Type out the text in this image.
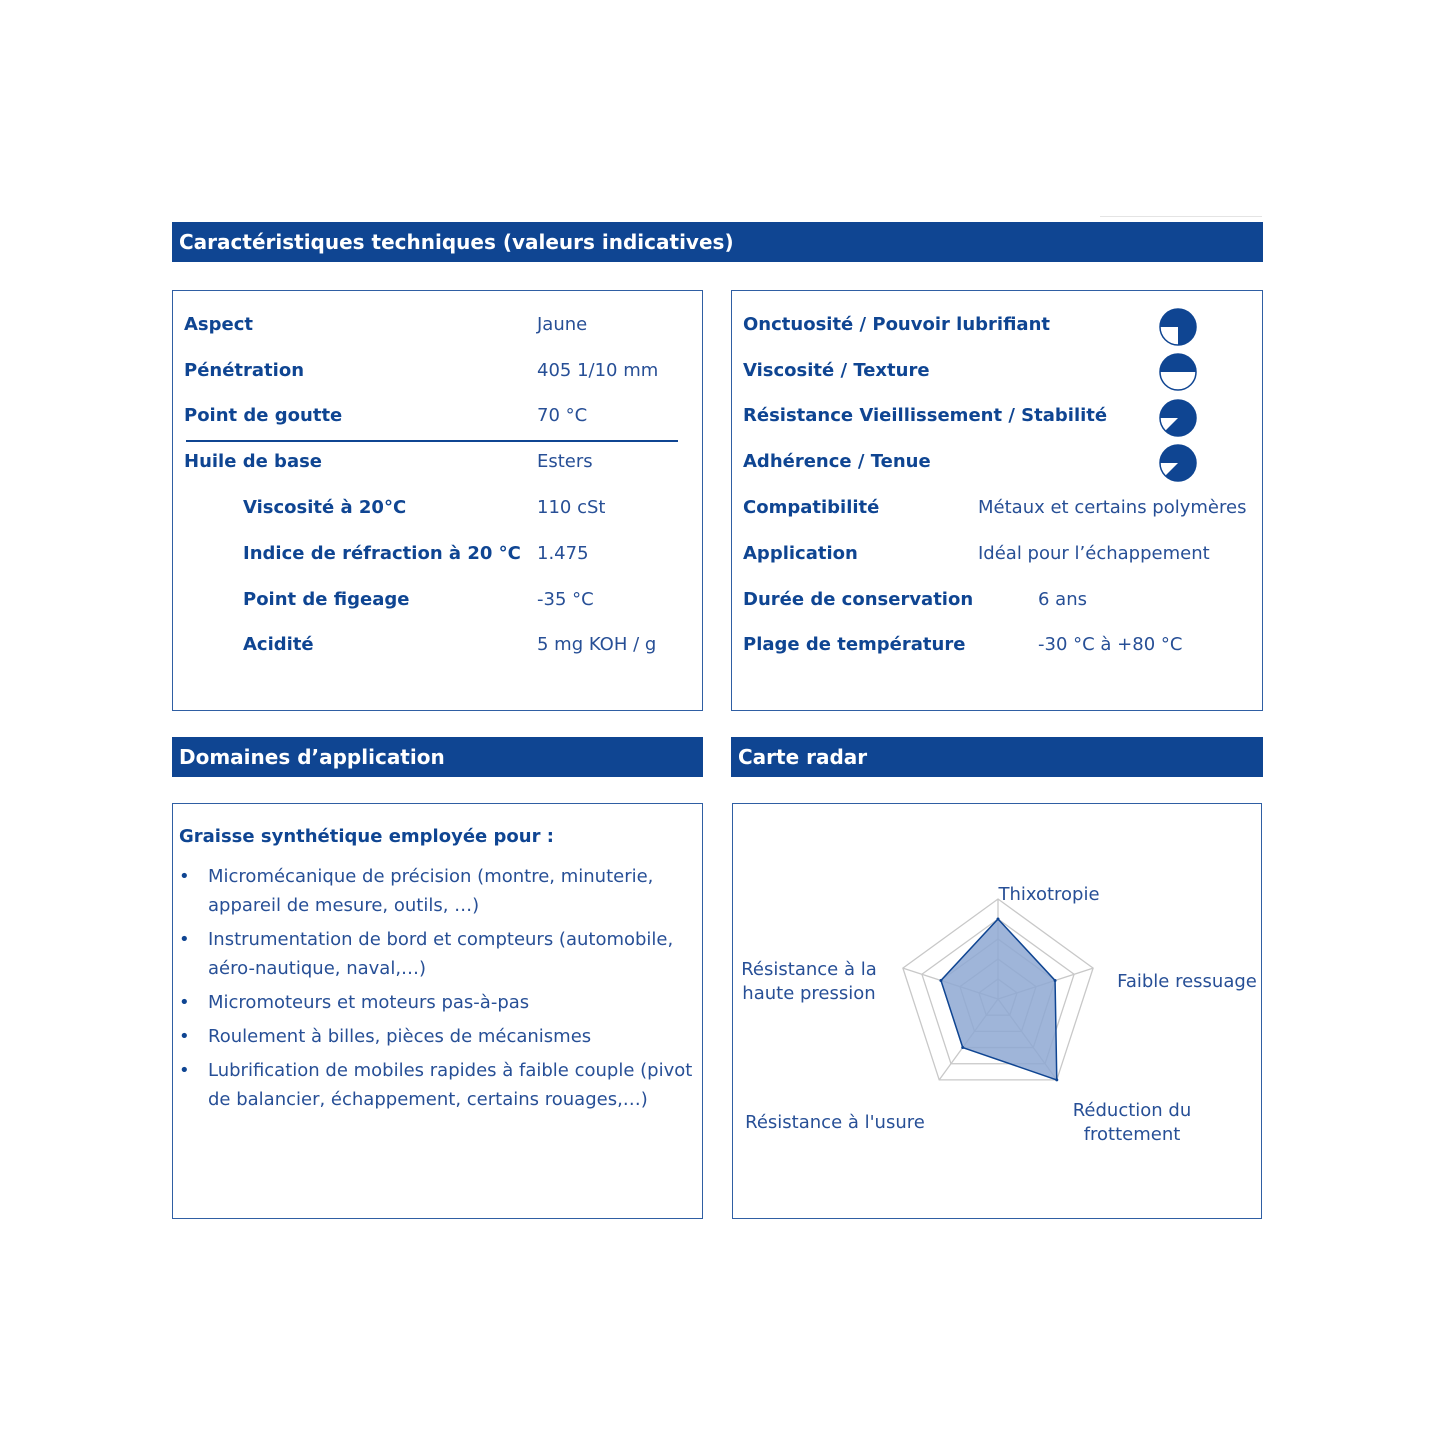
Caractéristiques techniques (valeurs indicatives)
Aspect	Jaune
Pénétration	405 1/10 mm
Point de goutte	70 °C
Huile de base	Esters
Viscosité à 20°C	110 cSt
Indice de réfraction à 20 °C 1.475
Point de figeage	-35 °C
Acidité	5 mg KOH / g
Onctuosité / Pouvoir lubrifiant
Viscosité / Texture
Résistance Vieillissement / Stabilité
Adhérence / Tenue
Compatibilité	Métaux et certains polymères
Application	Idéal pour l’échappement
Durée de conservation	6 ans
Plage de température	-30 °C à +80 °C
Domaines d’application	Carte radar
Graisse synthétique employée pour :
• Micromécanique de précision (montre, minuterie, appareil de mesure, outils, …)
• Instrumentation de bord et compteurs (automobile, aéro-nautique, naval,…)
• Micromoteurs et moteurs pas-à-pas
• Roulement à billes, pièces de mécanismes
• Lubrification de mobiles rapides à faible couple (pivot de balancier, échappement, certains rouages,…)
Thixotropie
Faible ressuage
Réduction du frottement
Résistance à l'usure
Résistance à la haute pression
